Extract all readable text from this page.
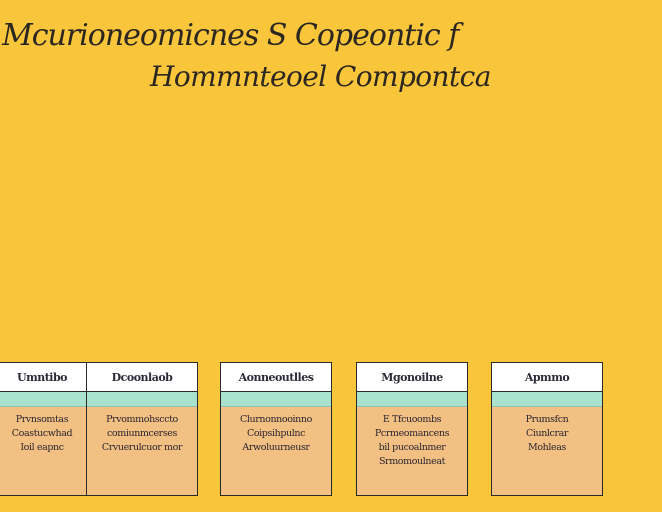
Mcurioneomicnes S Copeontic f
Hommnteoel Compontca
Umntibo
Prvnsomtas
Coastucwhad
Ioil eapnc
Dcoonlaob
Prvommohsccto
comiunmcerses
Crvuerulcuor mor
Aonneoutlles
Clurnonnooinno
Coipsihpulnc
Arwoluurneusr
Mgonoilne
E Tfcuoombs
Pcrmeomancens
bil pucoalnmer
Srmomoulneat
Apmmo
Prumsfcn
Ciunlcrar
Mohleas
